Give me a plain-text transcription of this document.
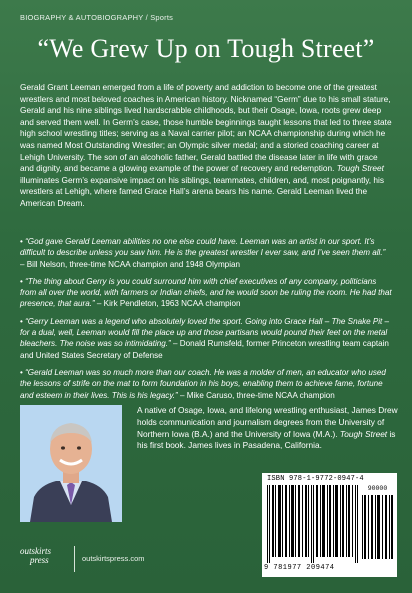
BIOGRAPHY & AUTOBIOGRAPHY / Sports
“We Grew Up on Tough Street”
Gerald Grant Leeman emerged from a life of poverty and addiction to become one of the greatest wrestlers and most beloved coaches in American history. Nicknamed “Germ” due to his small stature, Gerald and his nine siblings lived hardscrabble childhoods, but their Osage, Iowa, roots grew deep and served them well. In Germ’s case, those humble beginnings taught lessons that led to three state high school wrestling titles; serving as a Naval carrier pilot; an NCAA championship during which he was named Most Outstanding Wrestler; an Olympic silver medal; and a storied coaching career at Lehigh University. The son of an alcoholic father, Gerald battled the disease later in life with grace and dignity, and became a glowing example of the power of recovery and redemption. Tough Street illuminates Germ’s expansive impact on his siblings, teammates, children, and, most poignantly, his wrestlers at Lehigh, where famed Grace Hall’s arena bears his name. Gerald Leeman lived the American Dream.

• “God gave Gerald Leeman abilities no one else could have. Leeman was an artist in our sport. It’s difficult to describe unless you saw him. He is the greatest wrestler I ever saw, and I’ve seen them all.” – Bill Nelson, three-time NCAA champion and 1948 Olympian

• “The thing about Gerry is you could surround him with chief executives of any company, politicians from all over the world, with farmers or Indian chiefs, and he would soon be ruling the room. He had that presence, that aura.” – Kirk Pendleton, 1963 NCAA champion

• “Gerry Leeman was a legend who absolutely loved the sport. Going into Grace Hall – The Snake Pit – for a dual, well, Leeman would fill the place up and those partisans would pound their feet on the metal bleachers. The noise was so intimidating.” – Donald Rumsfeld, former Princeton wrestling team captain and United States Secretary of Defense

• “Gerald Leeman was so much more than our coach. He was a molder of men, an educator who used the lessons of strife on the mat to form foundation in his boys, enabling them to achieve fame, fortune and esteem in their lives. This is his legacy.” – Mike Caruso, three-time NCAA champion

A native of Osage, Iowa, and lifelong wrestling enthusiast, James Drew holds communication and journalism degrees from the University of Northern Iowa (B.A.) and the University of Iowa (M.A.). Tough Street is his first book. James lives in Pasadena, California.
ISBN 978-1-9772-0947-4
90000
9 781977 209474
outskirts
press	outskirtspress.com
